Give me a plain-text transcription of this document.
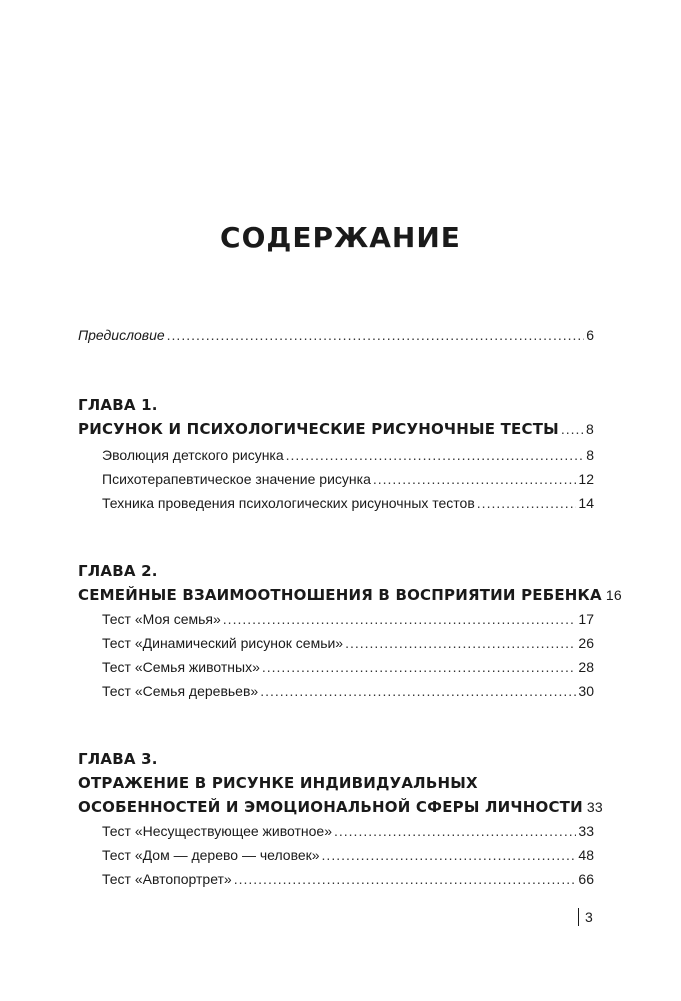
СОДЕРЖАНИЕ
Предисловие .....	6
ГЛАВА 1.
РИСУНОК И ПСИХОЛОГИЧЕСКИЕ РИСУНОЧНЫЕ ТЕСТЫ ..... 8
Эволюция детского рисунка .....	8
Психотерапевтическое значение рисунка .....	12
Техника проведения психологических рисуночных тестов .....	14
ГЛАВА 2.
СЕМЕЙНЫЕ ВЗАИМООТНОШЕНИЯ В ВОСПРИЯТИИ РЕБЕНКА 16
Тест «Моя семья» .....	17
Тест «Динамический рисунок семьи» .....	26
Тест «Семья животных» .....	28
Тест «Семья деревьев» .....	30
ГЛАВА 3.
ОТРАЖЕНИЕ В РИСУНКЕ ИНДИВИДУАЛЬНЫХ
ОСОБЕННОСТЕЙ И ЭМОЦИОНАЛЬНОЙ СФЕРЫ ЛИЧНОСТИ 33
Тест «Несуществующее животное» .....	33
Тест «Дом — дерево — человек» .....	48
Тест «Автопортрет» .....	66
3
